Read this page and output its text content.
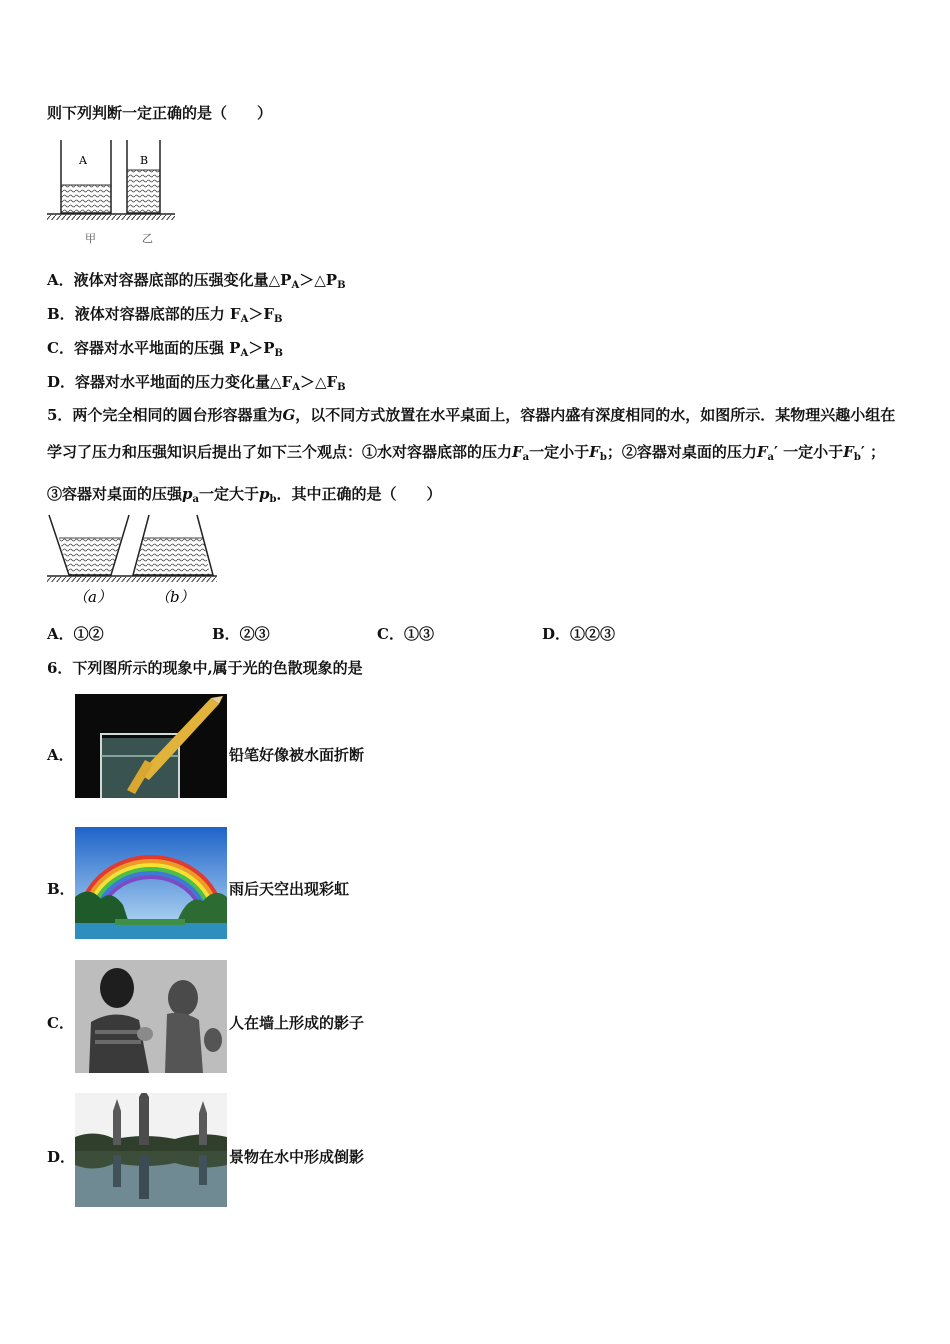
则下列判断一定正确的是（　　）
A	B
甲	乙
A．液体对容器底部的压强变化量$\triangle P_A>\triangle P_B$
B．液体对容器底部的压力 $F_A>F_B$
C．容器对水平地面的压强 $P_A>P_B$
D．容器对水平地面的压力变化量$\triangle F_A>\triangle F_B$
5．两个完全相同的圆台形容器重为G，以不同方式放置在水平桌面上，容器内盛有深度相同的水，如图所示．某物理兴趣小组在学习了压力和压强知识后提出了如下三个观点：①水对容器底部的压力$F_a$一定小于$F_b$；②容器对桌面的压力$F_a'$ 一定小于$F_b'$ ；③容器对桌面的压强$p_a$一定大于$p_b$．其中正确的是（　　）
（a）	（b）
A．①②	B．②③	C．①③	D．①②③
6．下列图所示的现象中,属于光的色散现象的是
A．	铅笔好像被水面折断
B．	雨后天空出现彩虹
C．	人在墙上形成的影子
D．	景物在水中形成倒影
